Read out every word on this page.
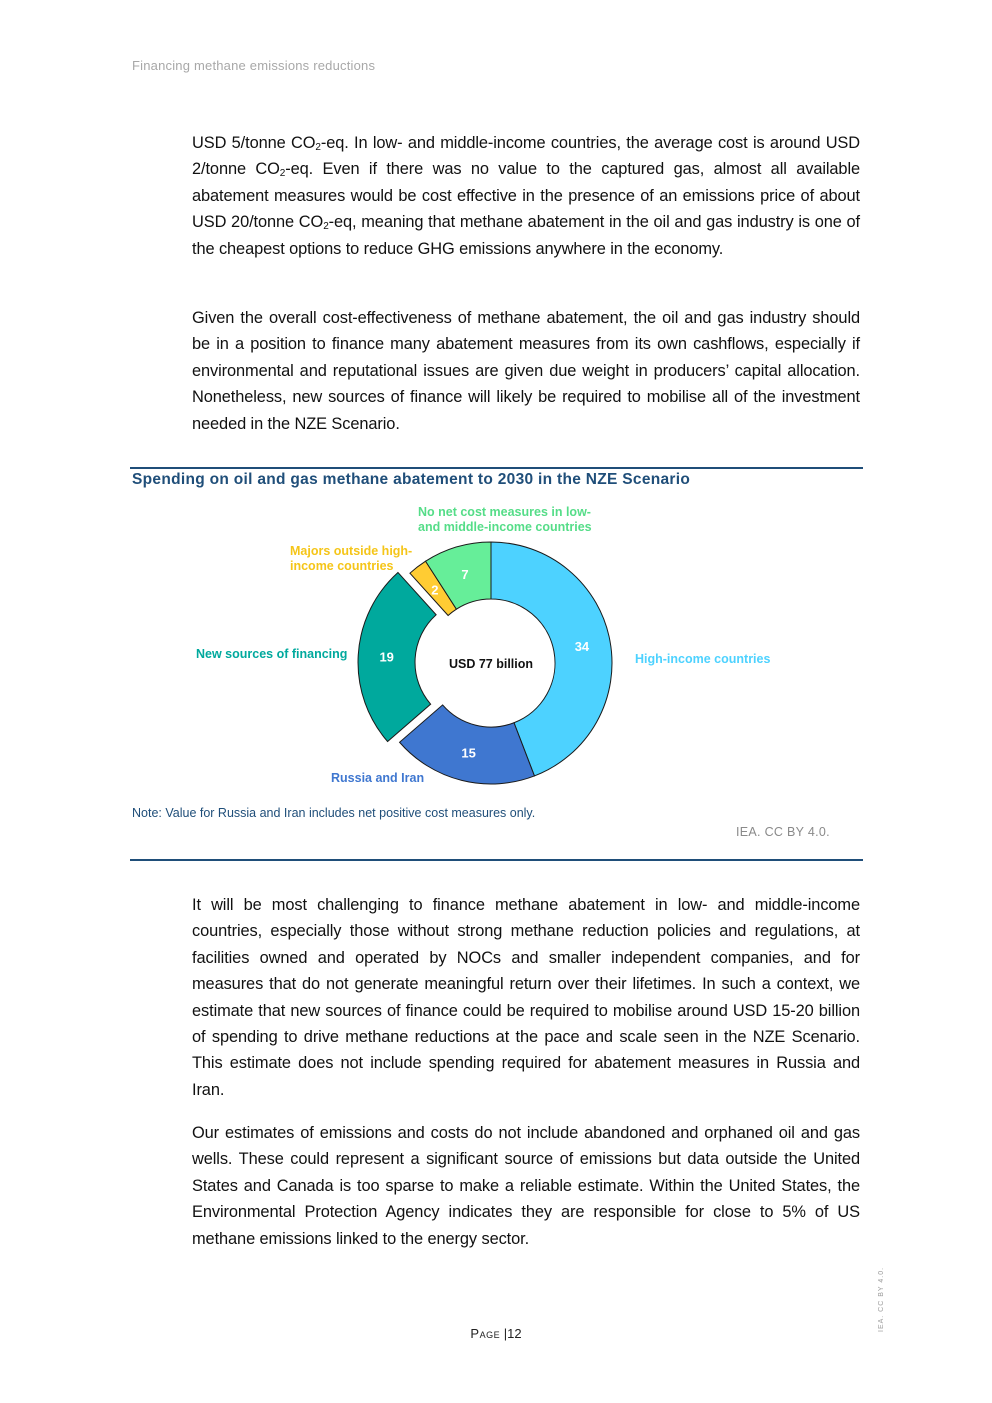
Financing methane emissions reductions
USD 5/tonne $CO_2-eq$. In low- and middle-income countries, the average cost is around USD 2/tonne $CO_2-eq$. Even if there was no value to the captured gas, almost all available abatement measures would be cost effective in the presence of an emissions price of about USD 20/tonne $CO_2-eq$, meaning that methane abatement in the oil and gas industry is one of the cheapest options to reduce GHG emissions anywhere in the economy.
Given the overall cost-effectiveness of methane abatement, the oil and gas industry should be in a position to finance many abatement measures from its own cashflows, especially if environmental and reputational issues are given due weight in producers’ capital allocation. Nonetheless, new sources of finance will likely be required to mobilise all of the investment needed in the NZE Scenario.
Spending on oil and gas methane abatement to 2030 in the NZE Scenario
34
15
19
2
7
USD 77 billion	High-income countries
Russia and Iran
New sources of financing
Majors outside high-
income countries
No net cost measures in low-
and middle-income countries
Note: Value for Russia and Iran includes net positive cost measures only.
IEA. CC BY 4.0.
It will be most challenging to finance methane abatement in low- and middle-income countries, especially those without strong methane reduction policies and regulations, at facilities owned and operated by NOCs and smaller independent companies, and for measures that do not generate meaningful return over their lifetimes. In such a context, we estimate that new sources of finance could be required to mobilise around USD 15-20 billion of spending to drive methane reductions at the pace and scale seen in the NZE Scenario. This estimate does not include spending required for abatement measures in Russia and Iran.
Our estimates of emissions and costs do not include abandoned and orphaned oil and gas wells. These could represent a significant source of emissions but data outside the United States and Canada is too sparse to make a reliable estimate. Within the United States, the Environmental Protection Agency indicates they are responsible for close to 5% of US methane emissions linked to the energy sector.
IEA. CC BY 4.0.
Page |12
